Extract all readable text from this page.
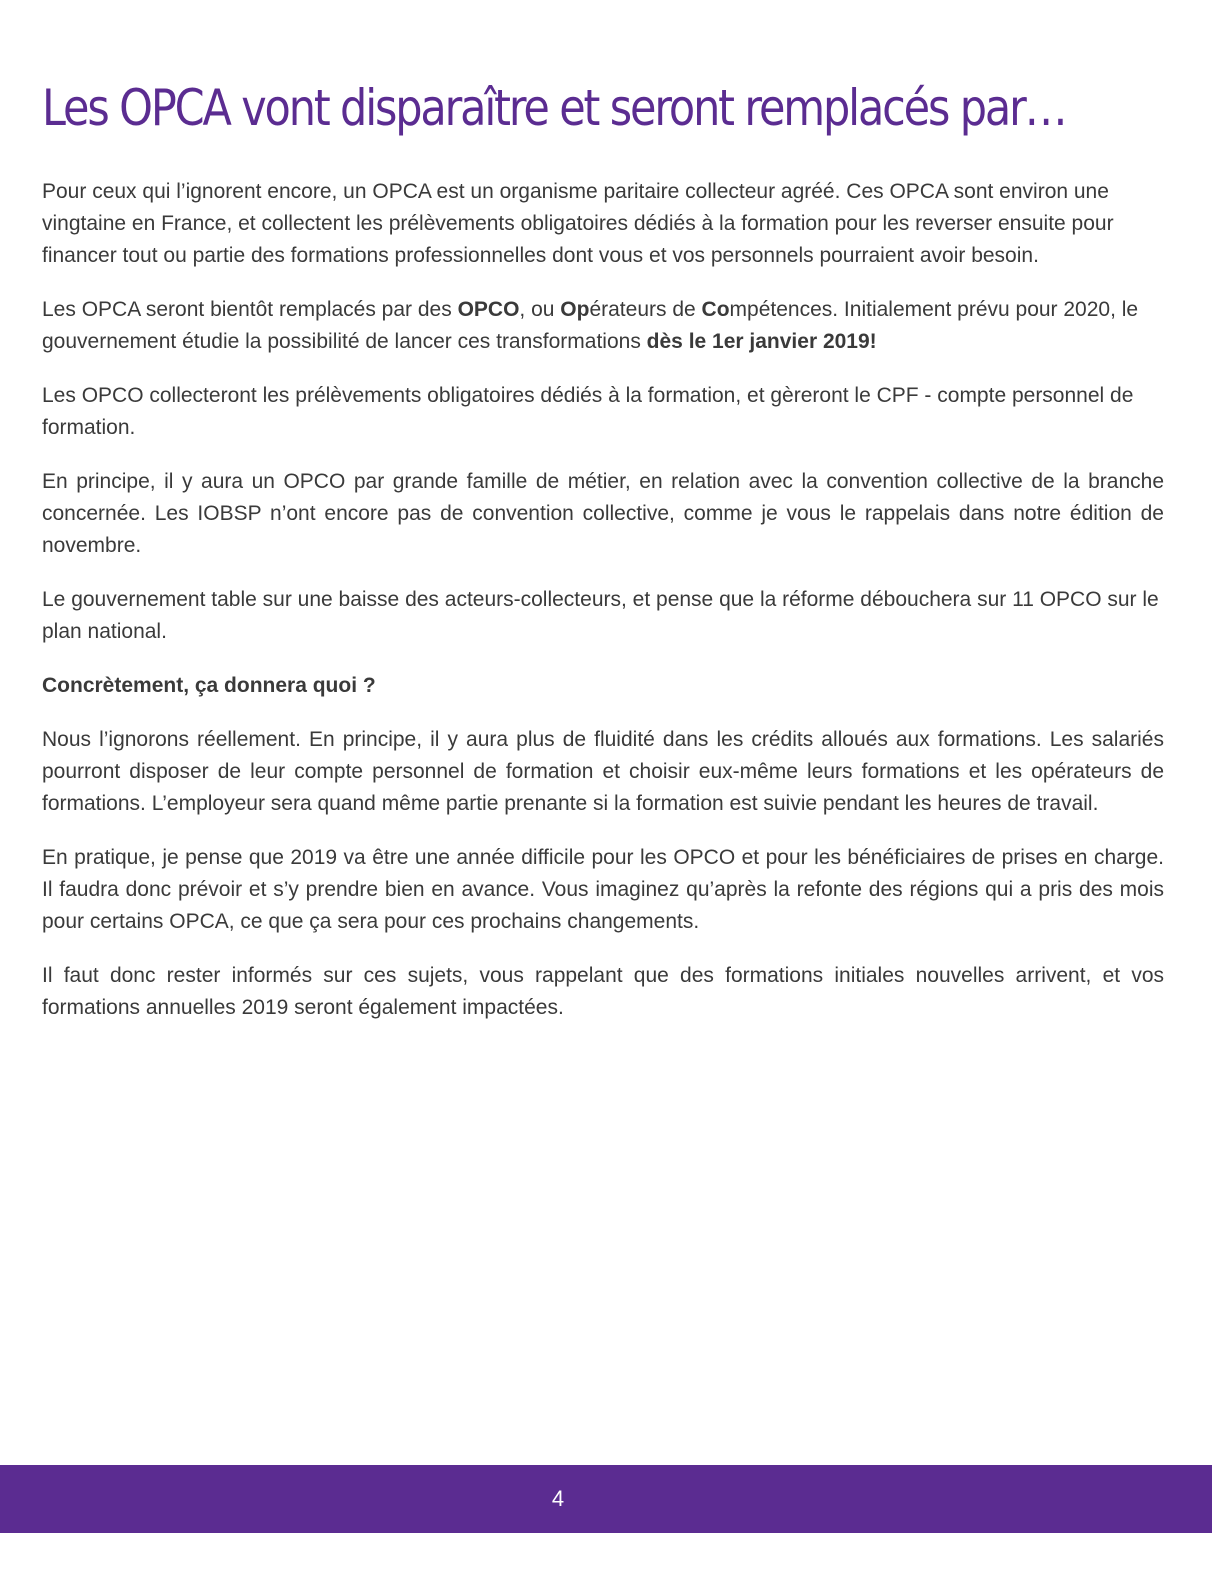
Les OPCA vont disparaître et seront remplacés par…

Pour ceux qui l’ignorent encore, un OPCA est un organisme paritaire collecteur agréé. Ces OPCA sont environ une vingtaine en France, et collectent les prélèvements obligatoires dédiés à la formation pour les reverser ensuite pour financer tout ou partie des formations professionnelles dont vous et vos personnels pourraient avoir besoin.

Les OPCA seront bientôt remplacés par des OPCO, ou Opérateurs de Compétences. Initialement prévu pour 2020, le gouvernement étudie la possibilité de lancer ces transformations dès le 1er janvier 2019!

Les OPCO collecteront les prélèvements obligatoires dédiés à la formation, et gèreront le CPF - compte personnel de formation.

En principe, il y aura un OPCO par grande famille de métier, en relation avec la convention collective de la branche concernée. Les IOBSP n’ont encore pas de convention collective, comme je vous le rappelais dans notre édition de novembre.

Le gouvernement table sur une baisse des acteurs-collecteurs, et pense que la réforme débouchera sur 11 OPCO sur le plan national.

Concrètement, ça donnera quoi ?

Nous l’ignorons réellement. En principe, il y aura plus de fluidité dans les crédits alloués aux formations. Les salariés pourront disposer de leur compte personnel de formation et choisir eux-même leurs formations et les opérateurs de formations. L’employeur sera quand même partie prenante si la formation est suivie pendant les heures de travail.

En pratique, je pense que 2019 va être une année difficile pour les OPCO et pour les bénéficiaires de prises en charge. Il faudra donc prévoir et s’y prendre bien en avance. Vous imaginez qu’après la refonte des régions qui a pris des mois pour certains OPCA, ce que ça sera pour ces prochains changements.

Il faut donc rester informés sur ces sujets, vous rappelant que des formations initiales nouvelles arrivent, et vos formations annuelles 2019 seront également impactées.

4
